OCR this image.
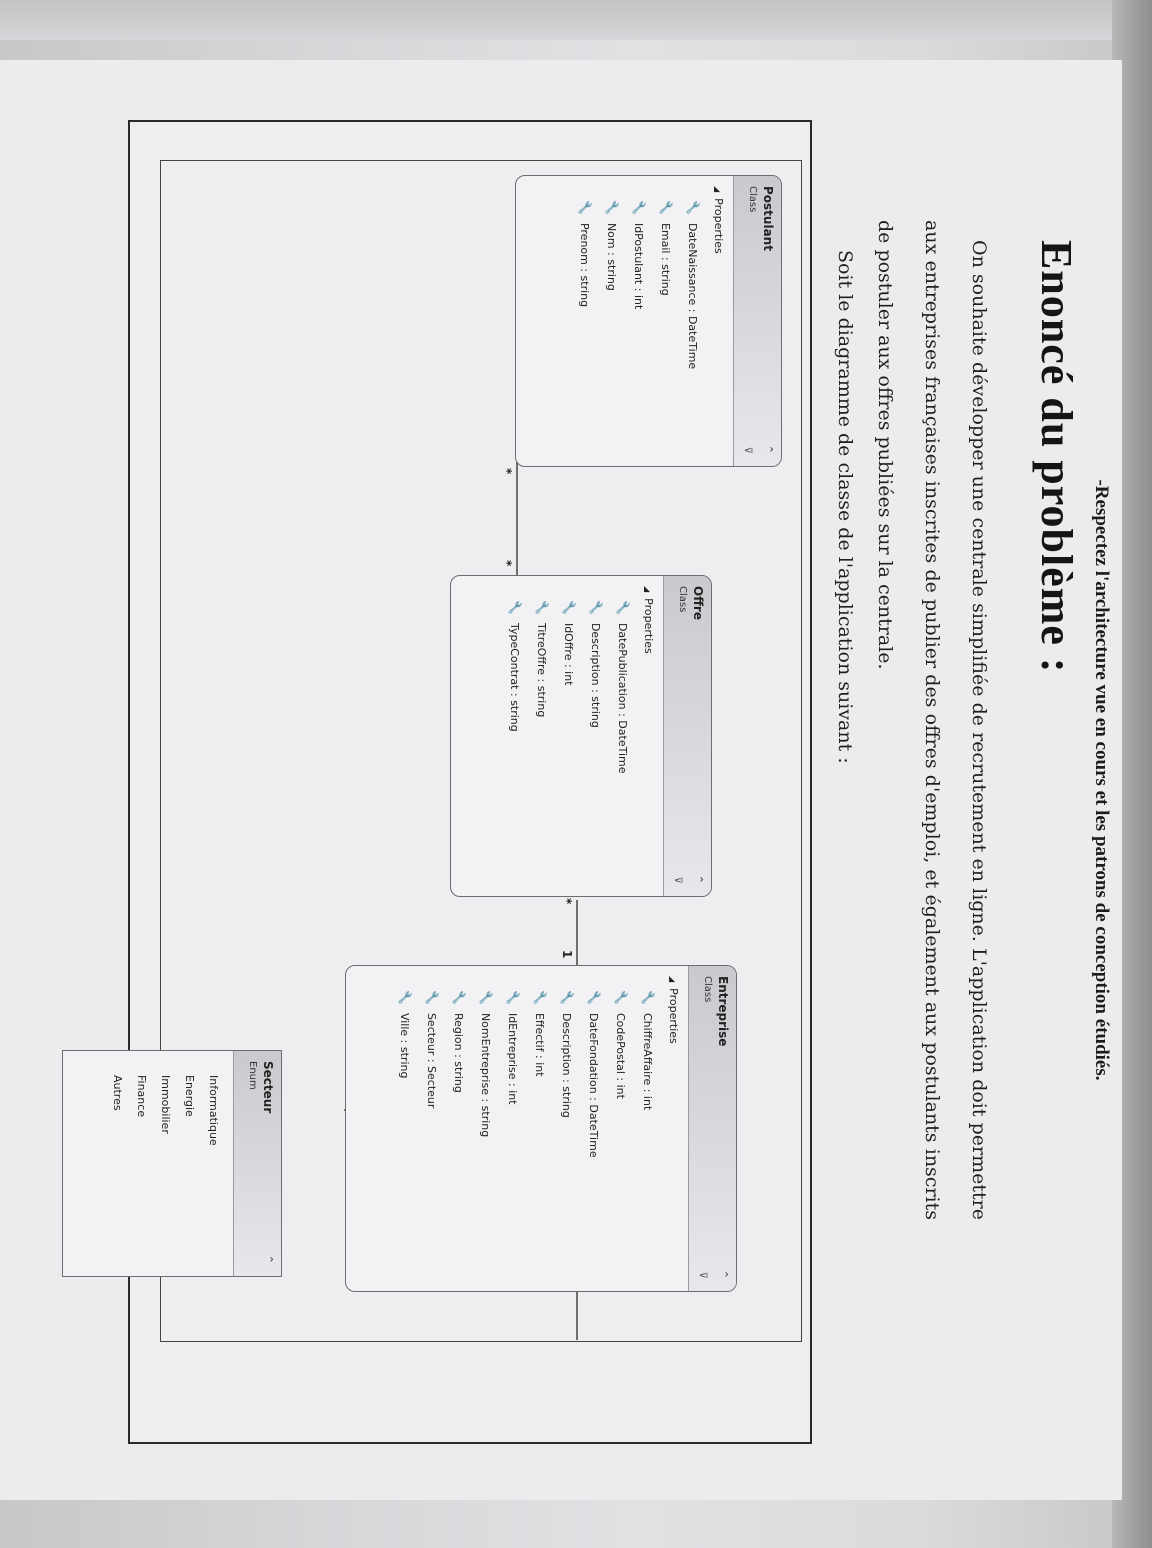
-Respectez l'architecture vue en cours et les patrons de conception étudiés.
Enoncé du problème :
On souhaite développer une centrale simplifiée de recrutement en ligne. L'application doit permettre aux entreprises françaises inscrites de publier des offres d'emploi, et également aux postulants inscrits de postuler aux offres publiées sur la centrale.
Soit le diagramme de classe de l'application suivant :
Postulant
Class
⌃
⊽
◢Properties
🔧DateNaissance : DateTime
🔧Email : string
🔧IdPostulant : int
🔧Nom : string
🔧Prenom : string
Offre
Class
⌃
⊽
◢Properties
🔧DatePublication : DateTime
🔧Description : string
🔧IdOffre : int
🔧TitreOffre : string
🔧TypeContrat : string
Entreprise
Class
⌃
⊽
◢Properties
🔧ChiffreAffaire : int
🔧CodePostal : int
🔧DateFondation : DateTime
🔧Description : string
🔧Effectif : int
🔧IdEntreprise : int
🔧NomEntreprise : string
🔧Region : string
🔧Secteur : Secteur
🔧Ville : string
Secteur
Enum
⌃
Informatique
Energie
Immobilier
Finance
Autres
*
*
*
1
